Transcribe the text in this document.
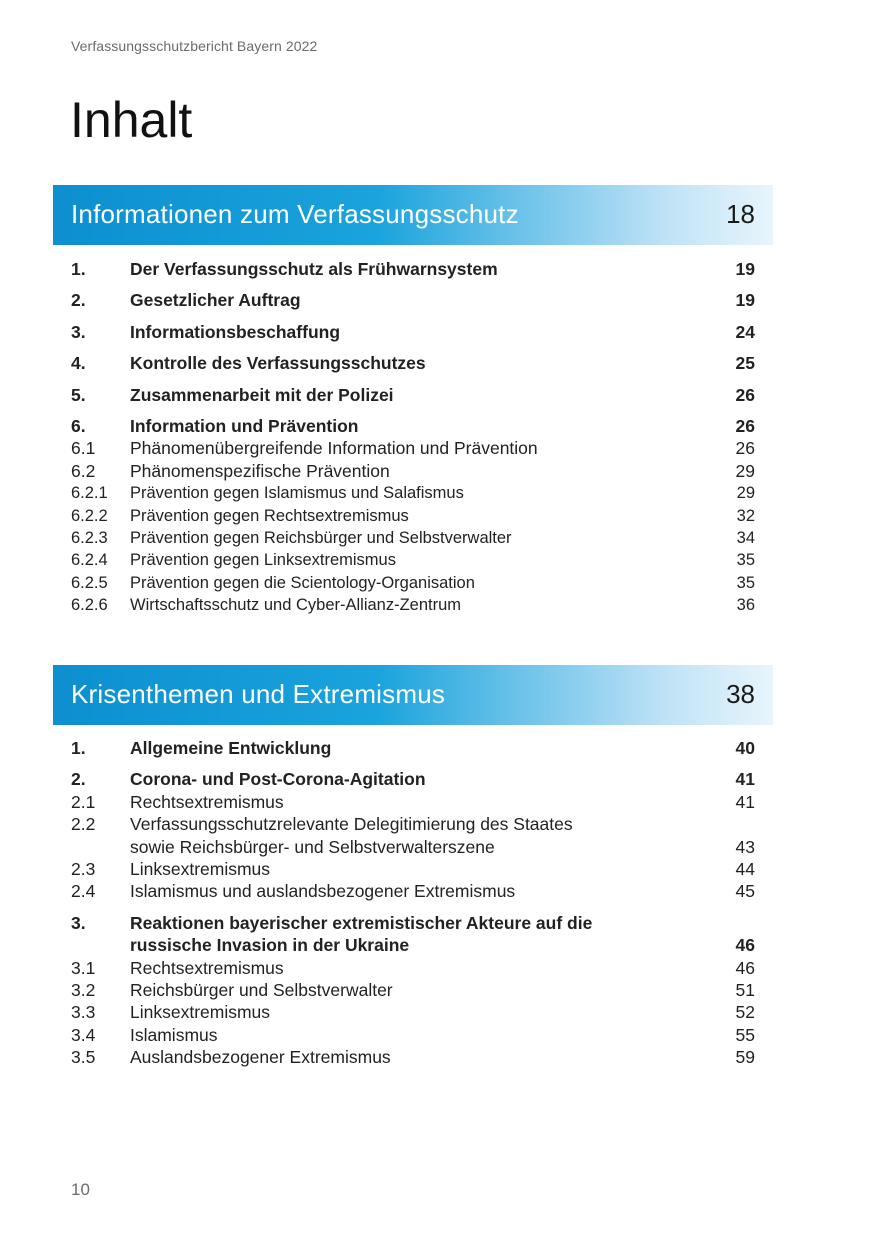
Verfassungsschutzbericht Bayern 2022
Inhalt
Informationen zum Verfassungsschutz	18
1.	Der Verfassungsschutz als Frühwarnsystem	19
2.	Gesetzlicher Auftrag	19
3.	Informationsbeschaffung	24
4.	Kontrolle des Verfassungsschutzes	25
5.	Zusammenarbeit mit der Polizei	26
6.	Information und Prävention	26
6.1 Phänomenübergreifende Information und Prävention	26
6.2 Phänomenspezifische Prävention	29
6.2.1 Prävention gegen Islamismus und Salafismus	29
6.2.2 Prävention gegen Rechtsextremismus	32
6.2.3 Prävention gegen Reichsbürger und Selbstverwalter	34
6.2.4 Prävention gegen Linksextremismus	35
6.2.5 Prävention gegen die Scientology-Organisation	35
6.2.6 Wirtschaftsschutz und Cyber-Allianz-Zentrum	36
Krisenthemen und Extremismus	38
1.	Allgemeine Entwicklung	40
2.	Corona- und Post-Corona-Agitation	41
2.1 Rechtsextremismus	41
2.2 Verfassungsschutzrelevante Delegitimierung des Staates
sowie Reichsbürger- und Selbstverwalterszene	43
2.3 Linksextremismus	44
2.4 Islamismus und auslandsbezogener Extremismus	45
3.	Reaktionen bayerischer extremistischer Akteure auf die
russische Invasion in der Ukraine	46
3.1 Rechtsextremismus	46
3.2 Reichsbürger und Selbstverwalter	51
3.3 Linksextremismus	52
3.4 Islamismus	55
3.5 Auslandsbezogener Extremismus	59
10
